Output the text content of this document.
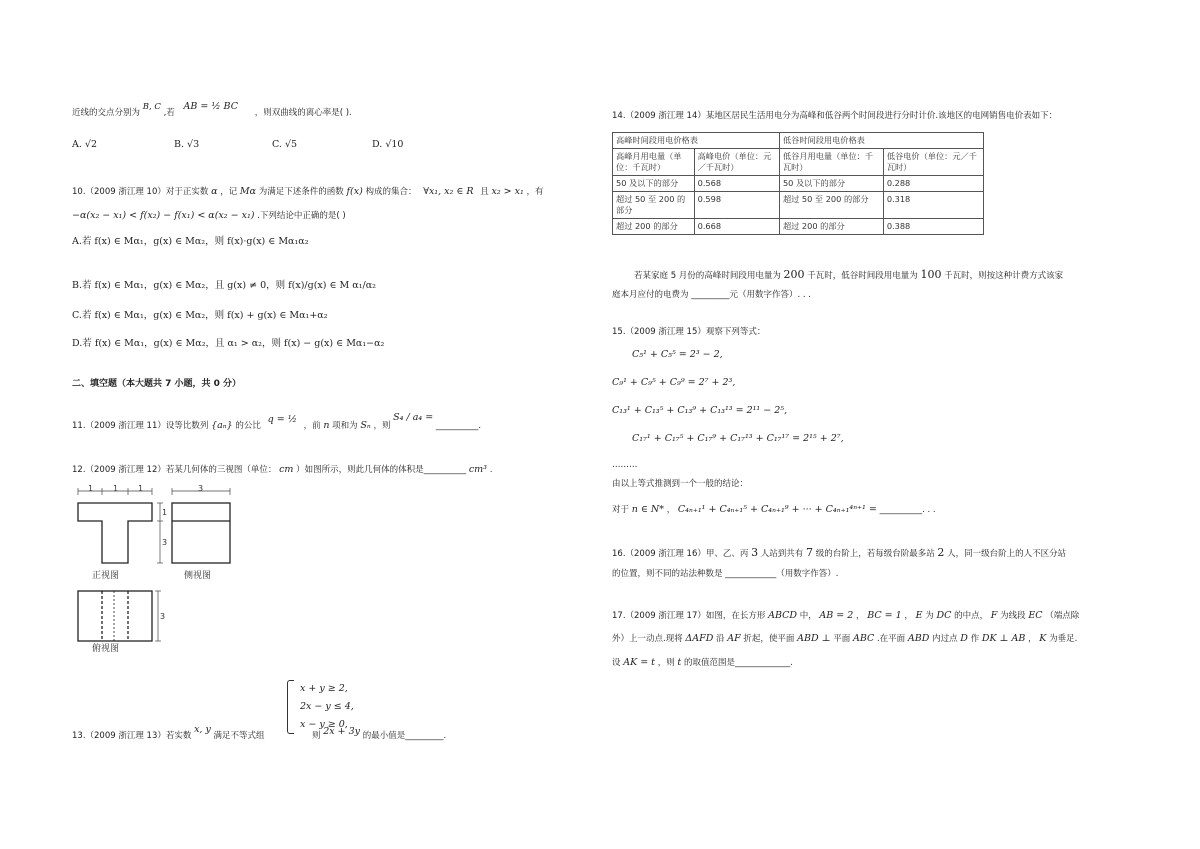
近线的交点分别为 B, C ,若 AB = ½ BC ，则双曲线的离心率是( ).
A. √2	B. √3	C. √5	D. √10
10.（2009 浙江理 10）对于正实数 α ，记 Mα 为满足下述条件的函数 f(x) 构成的集合： ∀x₁, x₂ ∈ R 且 x₂ > x₁ ，有
−α(x₂ − x₁) < f(x₂) − f(x₁) < α(x₂ − x₁) .下列结论中正确的是( )
A.若 f(x) ∈ Mα₁，g(x) ∈ Mα₂，则 f(x)·g(x) ∈ Mα₁α₂
B.若 f(x) ∈ Mα₁，g(x) ∈ Mα₂，且 g(x) ≠ 0，则 f(x)/g(x) ∈ M α₁/α₂
C.若 f(x) ∈ Mα₁，g(x) ∈ Mα₂，则 f(x) + g(x) ∈ Mα₁+α₂
D.若 f(x) ∈ Mα₁，g(x) ∈ Mα₂，且 α₁ > α₂，则 f(x) − g(x) ∈ Mα₁−α₂
二、填空题（本大题共 7 小题，共 0 分）
11.（2009 浙江理 11）设等比数列 {aₙ} 的公比 q = ½ ，前 n 项和为 Sₙ ，则 S₄ / a₄ = __________.
12.（2009 浙江理 12）若某几何体的三视图（单位： cm ）如图所示，则此几何体的体积是__________ cm³ .
1 1 1	3
1
3
3
正视图	侧视图
俯视图
13.（2009 浙江理 13）若实数 x, y 满足不等式组	则 2x + 3y 的最小值是_________.
x + y ≥ 2,
2x − y ≤ 4,
x − y ≥ 0,
14.（2009 浙江理 14）某地区居民生活用电分为高峰和低谷两个时间段进行分时计价.该地区的电网销售电价表如下：
高峰时间段用电价格表		低谷时间段用电价格表	
高峰月用电量（单位：千瓦时）	高峰电价（单位：元／千瓦时）	低谷月用电量（单位：千瓦时）	低谷电价（单位：元／千瓦时）
50 及以下的部分	0.568	50 及以下的部分	0.288
超过 50 至 200 的部分	0.598	超过 50 至 200 的部分	0.318
超过 200 的部分	0.668	超过 200 的部分	0.388
若某家庭 5 月份的高峰时间段用电量为 200 千瓦时，低谷时间段用电量为 100 千瓦时，则按这种计费方式该家
庭本月应付的电费为 _________元（用数字作答）. . .
15.（2009 浙江理 15）观察下列等式：
C₅¹ + C₅⁵ = 2³ − 2,
C₉¹ + C₉⁵ + C₉⁹ = 2⁷ + 2³,
C₁₃¹ + C₁₃⁵ + C₁₃⁹ + C₁₃¹³ = 2¹¹ − 2⁵,
C₁₇¹ + C₁₇⁵ + C₁₇⁹ + C₁₇¹³ + C₁₇¹⁷ = 2¹⁵ + 2⁷,
………
由以上等式推测到一个一般的结论：
对于 n ∈ N* ， C₄ₙ₊₁¹ + C₄ₙ₊₁⁵ + C₄ₙ₊₁⁹ + ··· + C₄ₙ₊₁⁴ⁿ⁺¹ = __________. . .
16.（2009 浙江理 16）甲、乙、丙 3 人站到共有 7 级的台阶上，若每级台阶最多站 2 人，同一级台阶上的人不区分站
的位置，则不同的站法种数是 ____________（用数字作答）.
17.（2009 浙江理 17）如图，在长方形 ABCD 中， AB = 2 ， BC = 1 ， E 为 DC 的中点， F 为线段 EC （端点除
外）上一动点.现将 ΔAFD 沿 AF 折起，使平面 ABD ⊥ 平面 ABC .在平面 ABD 内过点 D 作 DK ⊥ AB ， K 为垂足.
设 AK = t ，则 t 的取值范围是_____________.
